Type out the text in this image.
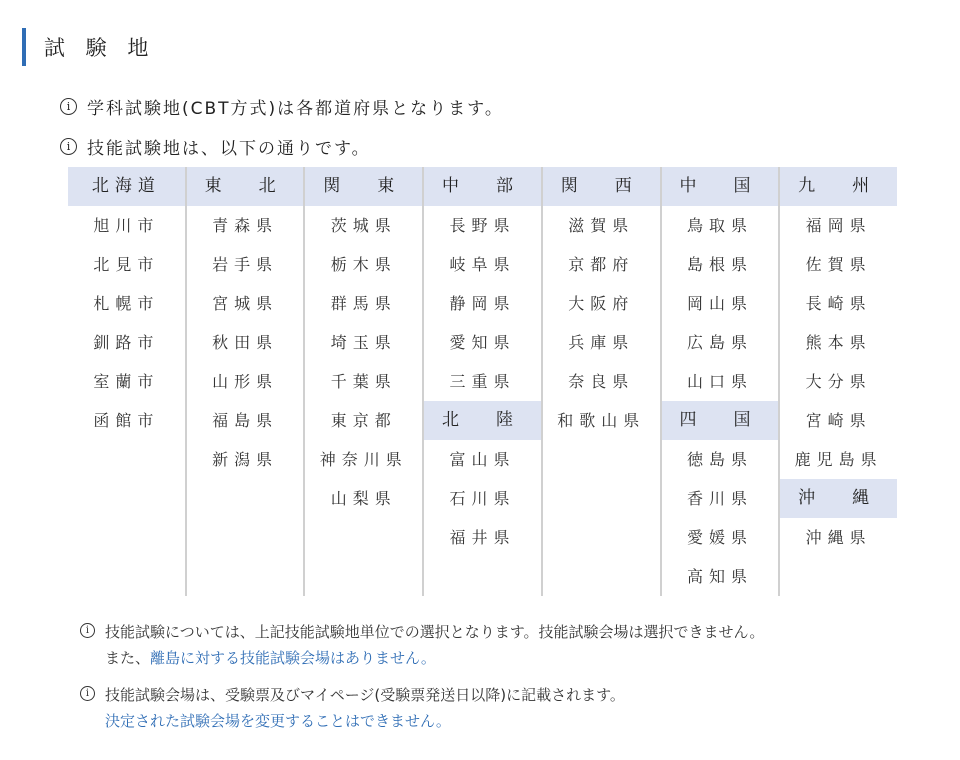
試 験 地
i 学科試験地(CBT方式)は各都道府県となります。
i 技能試験地は、以下の通りです。
北海道
旭川市
北見市
札幌市
釧路市
室蘭市
函館市
東　北
青森県
岩手県
宮城県
秋田県
山形県
福島県
新潟県
関　東
茨城県
栃木県
群馬県
埼玉県
千葉県
東京都
神奈川県
山梨県
中　部
長野県
岐阜県
静岡県
愛知県
三重県
北　陸
富山県
石川県
福井県
関　西
滋賀県
京都府
大阪府
兵庫県
奈良県
和歌山県
中　国
鳥取県
島根県
岡山県
広島県
山口県
四　国
徳島県
香川県
愛媛県
高知県
九　州
福岡県
佐賀県
長崎県
熊本県
大分県
宮崎県
鹿児島県
沖　縄
沖縄県
i	技能試験については、上記技能試験地単位での選択となります。技能試験会場は選択できません。
また、離島に対する技能試験会場はありません。
i	技能試験会場は、受験票及びマイページ(受験票発送日以降)に記載されます。
決定された試験会場を変更することはできません。
